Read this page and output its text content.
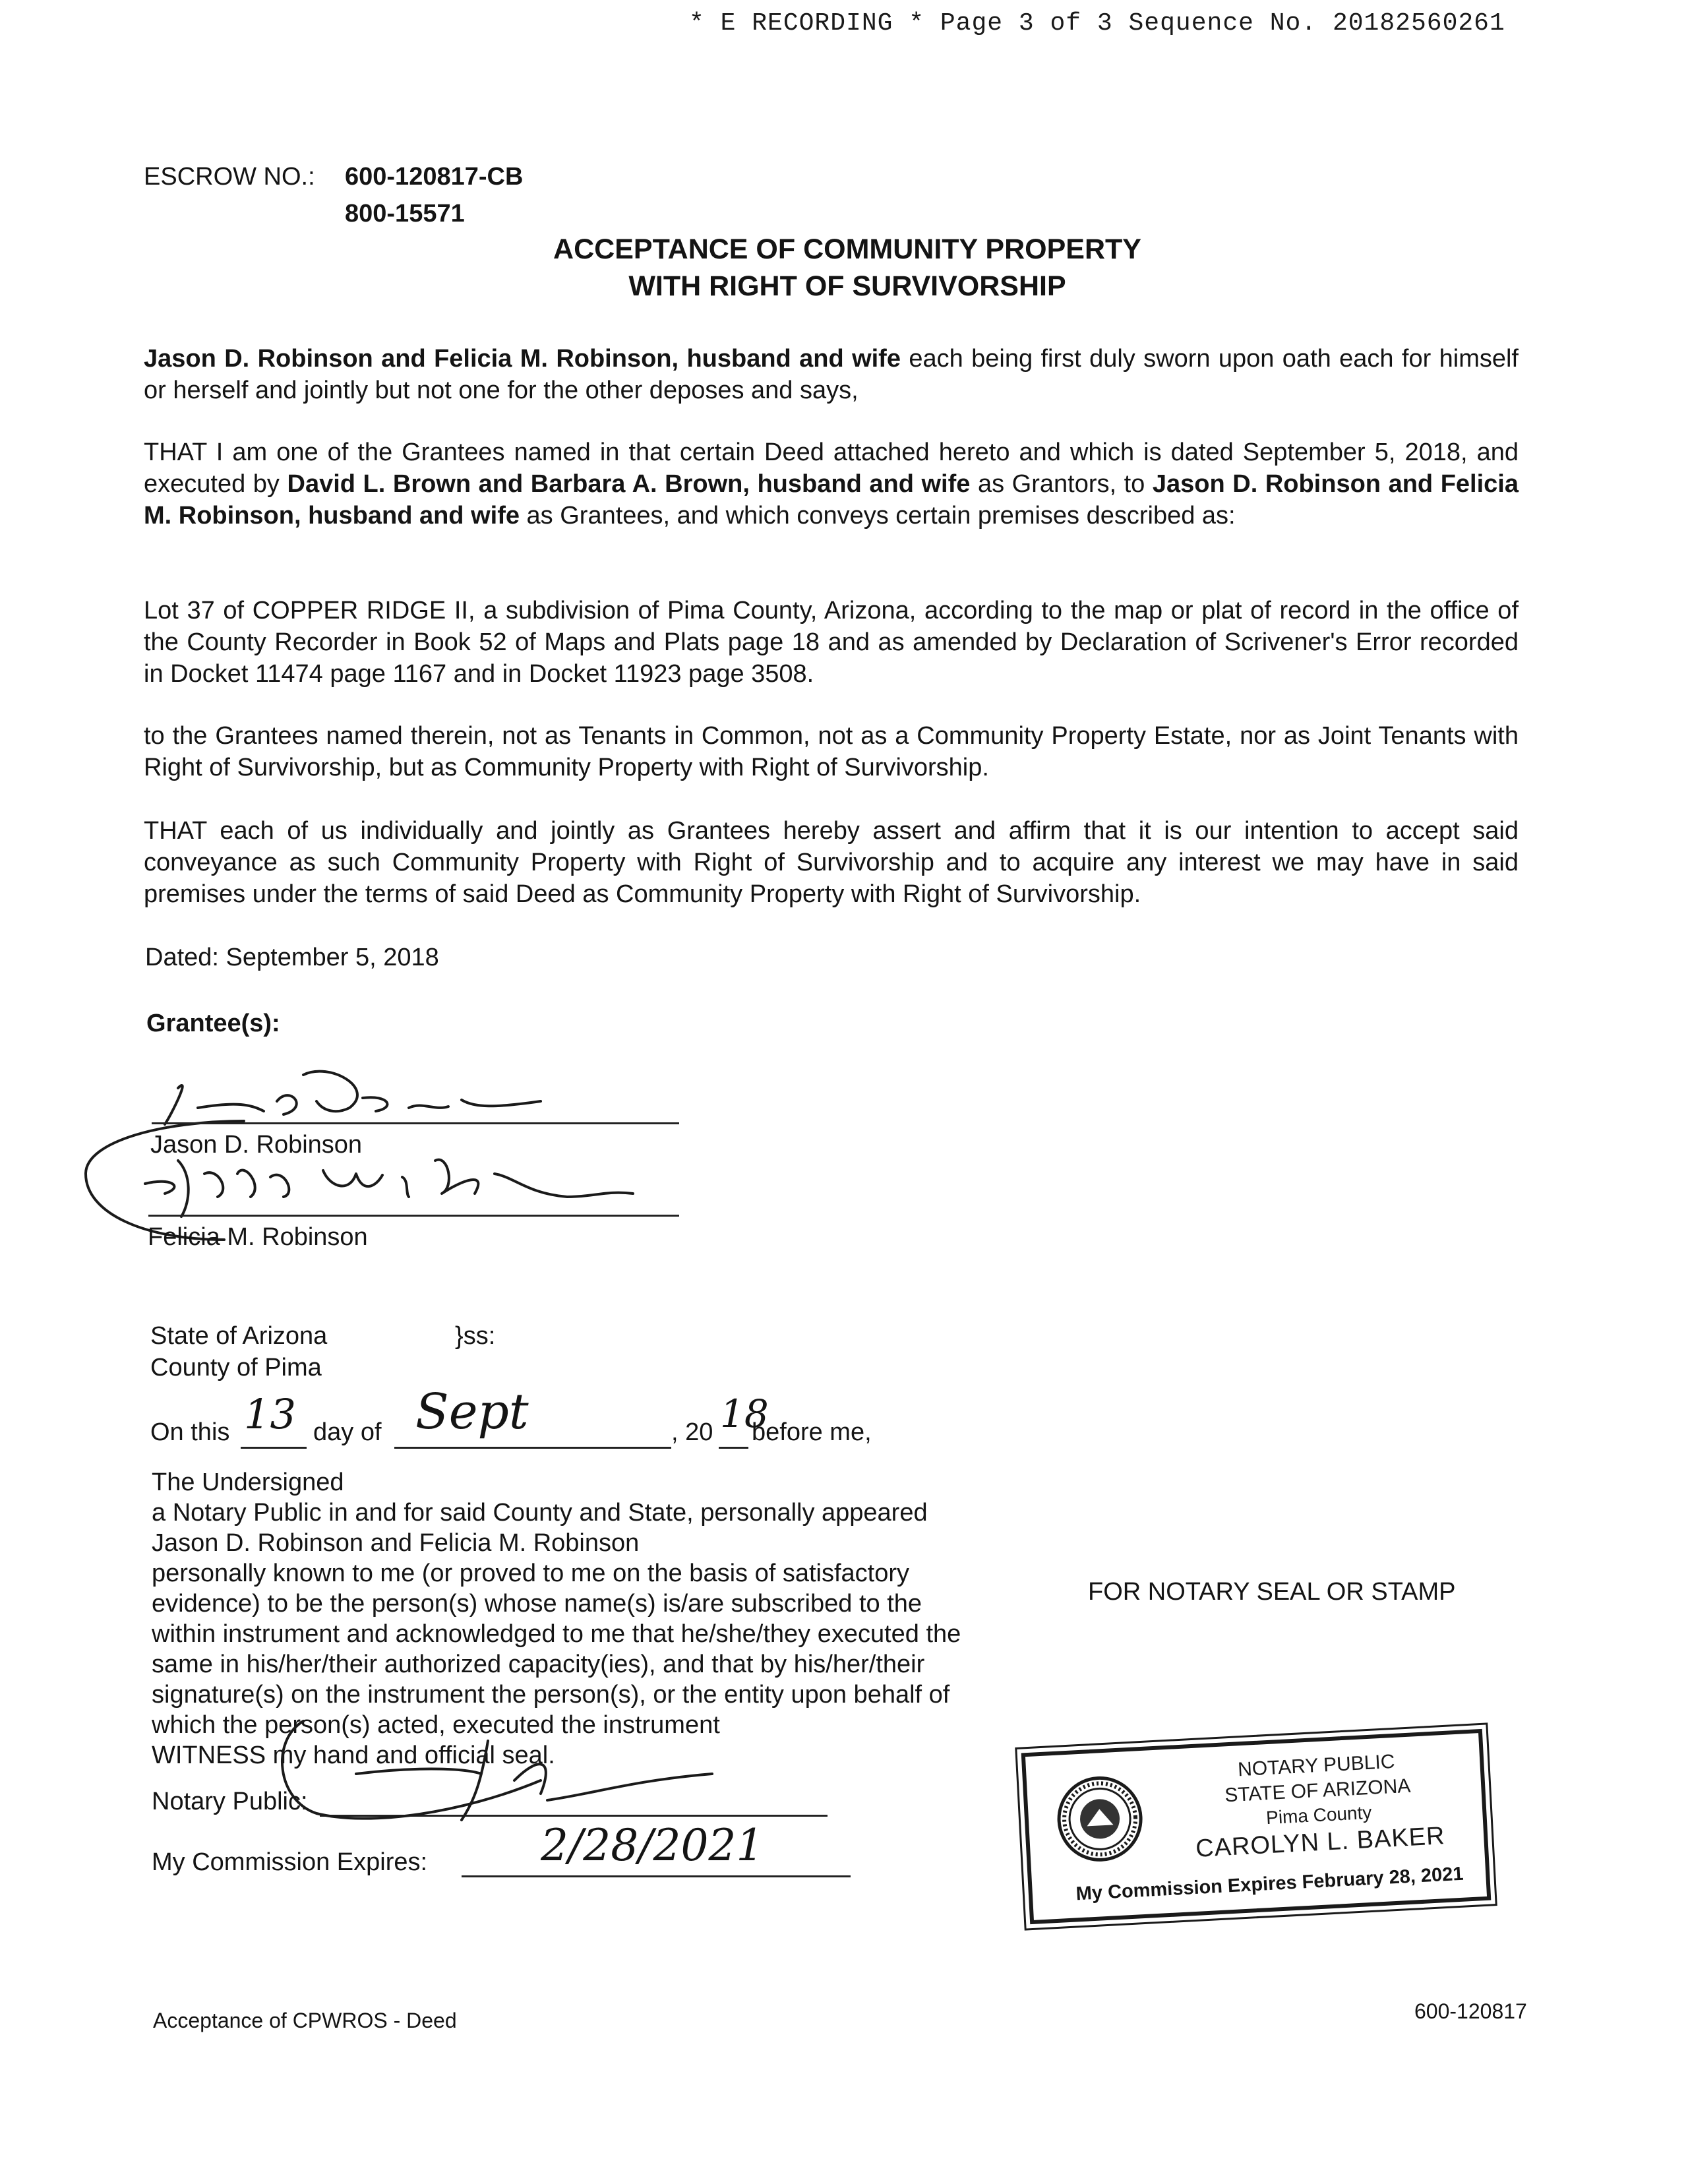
* E RECORDING * Page 3 of 3 Sequence No. 20182560261
ESCROW NO.: 600-120817-CB
800-15571
ACCEPTANCE OF COMMUNITY PROPERTY
WITH RIGHT OF SURVIVORSHIP
Jason D. Robinson and Felicia M. Robinson, husband and wife each being first duly sworn upon oath each for himself or herself and jointly but not one for the other deposes and says,
THAT I am one of the Grantees named in that certain Deed attached hereto and which is dated September 5, 2018, and executed by David L. Brown and Barbara A. Brown, husband and wife as Grantors, to Jason D. Robinson and Felicia M. Robinson, husband and wife as Grantees, and which conveys certain premises described as:
Lot 37 of COPPER RIDGE II, a subdivision of Pima County, Arizona, according to the map or plat of record in the office of the County Recorder in Book 52 of Maps and Plats page 18 and as amended by Declaration of Scrivener's Error recorded in Docket 11474 page 1167 and in Docket 11923 page 3508.
to the Grantees named therein, not as Tenants in Common, not as a Community Property Estate, nor as Joint Tenants with Right of Survivorship, but as Community Property with Right of Survivorship.
THAT each of us individually and jointly as Grantees hereby assert and affirm that it is our intention to accept said conveyance as such Community Property with Right of Survivorship and to acquire any interest we may have in said premises under the terms of said Deed as Community Property with Right of Survivorship.
Dated: September 5, 2018
Grantee(s):
Jason D. Robinson
Felicia M. Robinson
State of Arizona	}ss:
County of Pima
On this 13 day of Sept	, 20 18
before me,
The Undersigned
a Notary Public in and for said County and State, personally appeared
Jason D. Robinson and Felicia M. Robinson
personally known to me (or proved to me on the basis of satisfactory
evidence) to be the person(s) whose name(s) is/are subscribed to the
within instrument and acknowledged to me that he/she/they executed the
same in his/her/their authorized capacity(ies), and that by his/her/their
signature(s) on the instrument the person(s), or the entity upon behalf of
which the person(s) acted, executed the instrument
WITNESS my hand and official seal.
Notary Public:
My Commission Expires:	2/28/2021
FOR NOTARY SEAL OR STAMP
NOTARY PUBLIC
STATE OF ARIZONA
Pima County
CAROLYN L. BAKER
My Commission Expires February 28, 2021
Acceptance of CPWROS - Deed	600-120817
